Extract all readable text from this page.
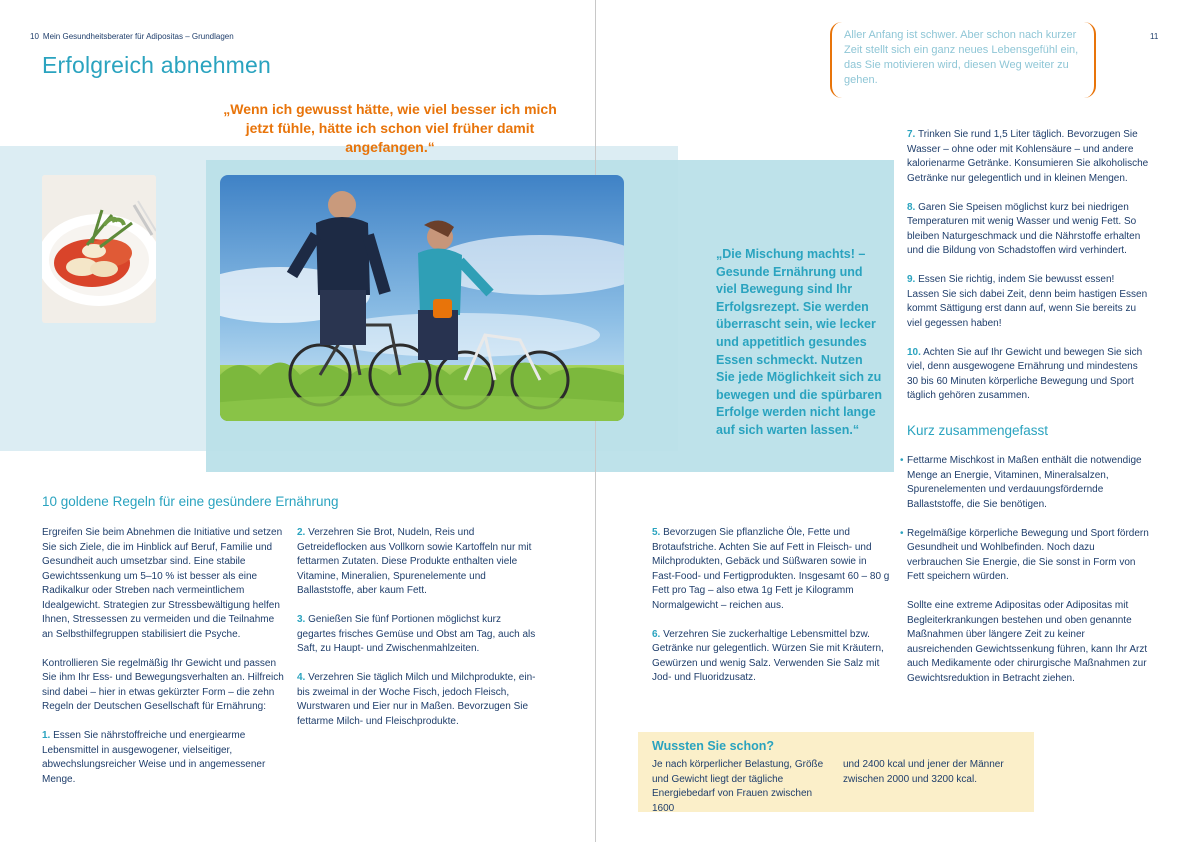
10 Mein Gesundheitsberater für Adipositas – Grundlagen
Erfolgreich abnehmen
„Wenn ich gewusst hätte, wie viel besser ich mich jetzt fühle, hätte ich schon viel früher damit angefangen.“
11

Aller Anfang ist schwer. Aber schon nach kurzer Zeit stellt sich ein ganz neues Lebensgefühl ein, das Sie motivieren wird, diesen Weg weiter zu gehen.

„Die Mischung machts! – Gesunde Ernährung und viel Bewegung sind Ihr Erfolgsrezept. Sie werden überrascht sein, wie lecker und appetitlich gesundes Essen schmeckt. Nutzen Sie jede Möglichkeit sich zu bewegen und die spürbaren Erfolge werden nicht lange auf sich warten lassen.“
10 goldene Regeln für eine gesündere Ernährung

Ergreifen Sie beim Abnehmen die Initiative und setzen Sie sich Ziele, die im Hinblick auf Beruf, Familie und Gesundheit auch umsetzbar sind. Eine stabile Gewichtssenkung um 5–10 % ist besser als eine Radikalkur oder Streben nach vermeintlichem Idealgewicht. Strategien zur Stressbewältigung helfen Ihnen, Stressessen zu vermeiden und die Teilnahme an Selbsthilfegruppen stabilisiert die Psyche.

Kontrollieren Sie regelmäßig Ihr Gewicht und passen Sie ihm Ihr Ess- und Bewegungsverhalten an. Hilfreich sind dabei – hier in etwas gekürzter Form – die zehn Regeln der Deutschen Gesellschaft für Ernährung:

1. Essen Sie nährstoffreiche und energiearme Lebensmittel in ausgewogener, vielseitiger, abwechslungsreicher Weise und in angemessener Menge.

2. Verzehren Sie Brot, Nudeln, Reis und Getreideflocken aus Vollkorn sowie Kartoffeln nur mit fettarmen Zutaten. Diese Produkte enthalten viele Vitamine, Mineralien, Spurenelemente und Ballaststoffe, aber kaum Fett.

3. Genießen Sie fünf Portionen möglichst kurz gegartes frisches Gemüse und Obst am Tag, auch als Saft, zu Haupt- und Zwischenmahlzeiten.

4. Verzehren Sie täglich Milch und Milchprodukte, ein- bis zweimal in der Woche Fisch, jedoch Fleisch, Wurstwaren und Eier nur in Maßen. Bevorzugen Sie fettarme Milch- und Fleischprodukte.

5. Bevorzugen Sie pflanzliche Öle, Fette und Brotaufstriche. Achten Sie auf Fett in Fleisch- und Milchprodukten, Gebäck und Süßwaren sowie in Fast-Food- und Fertigprodukten. Insgesamt 60 – 80 g Fett pro Tag – also etwa 1g Fett je Kilogramm Normalgewicht – reichen aus.

6. Verzehren Sie zuckerhaltige Lebensmittel bzw. Getränke nur gelegentlich. Würzen Sie mit Kräutern, Gewürzen und wenig Salz. Verwenden Sie Salz mit Jod- und Fluoridzusatz.

7. Trinken Sie rund 1,5 Liter täglich. Bevorzugen Sie Wasser – ohne oder mit Kohlensäure – und andere kalorienarme Getränke. Konsumieren Sie alkoholische Getränke nur gelegentlich und in kleinen Mengen.

8. Garen Sie Speisen möglichst kurz bei niedrigen Temperaturen mit wenig Wasser und wenig Fett. So bleiben Naturgeschmack und die Nährstoffe erhalten und die Bildung von Schadstoffen wird verhindert.

9. Essen Sie richtig, indem Sie bewusst essen! Lassen Sie sich dabei Zeit, denn beim hastigen Essen kommt Sättigung erst dann auf, wenn Sie bereits zu viel gegessen haben!

10. Achten Sie auf Ihr Gewicht und bewegen Sie sich viel, denn ausgewogene Ernährung und mindestens 30 bis 60 Minuten körperliche Bewegung und Sport täglich gehören zusammen.

Kurz zusammengefasst
• Fettarme Mischkost in Maßen enthält die notwendige Menge an Energie, Vitaminen, Mineralsalzen, Spurenelementen und verdauungsfördernde Ballaststoffe, die Sie benötigen.
• Regelmäßige körperliche Bewegung und Sport fördern Gesundheit und Wohlbefinden. Noch dazu verbrauchen Sie Energie, die Sie sonst in Form von Fett speichern würden.

Sollte eine extreme Adipositas oder Adipositas mit Begleiterkrankungen bestehen und oben genannte Maßnahmen über längere Zeit zu keiner ausreichenden Gewichtssenkung führen, kann Ihr Arzt auch Medikamente oder chirurgische Maßnahmen zur Gewichtsreduktion in Betracht ziehen.

Wussten Sie schon?
Je nach körperlicher Belastung, Größe und Gewicht liegt der tägliche Energiebedarf von Frauen zwischen 1600
und 2400 kcal und jener der Männer zwischen 2000 und 3200 kcal.
